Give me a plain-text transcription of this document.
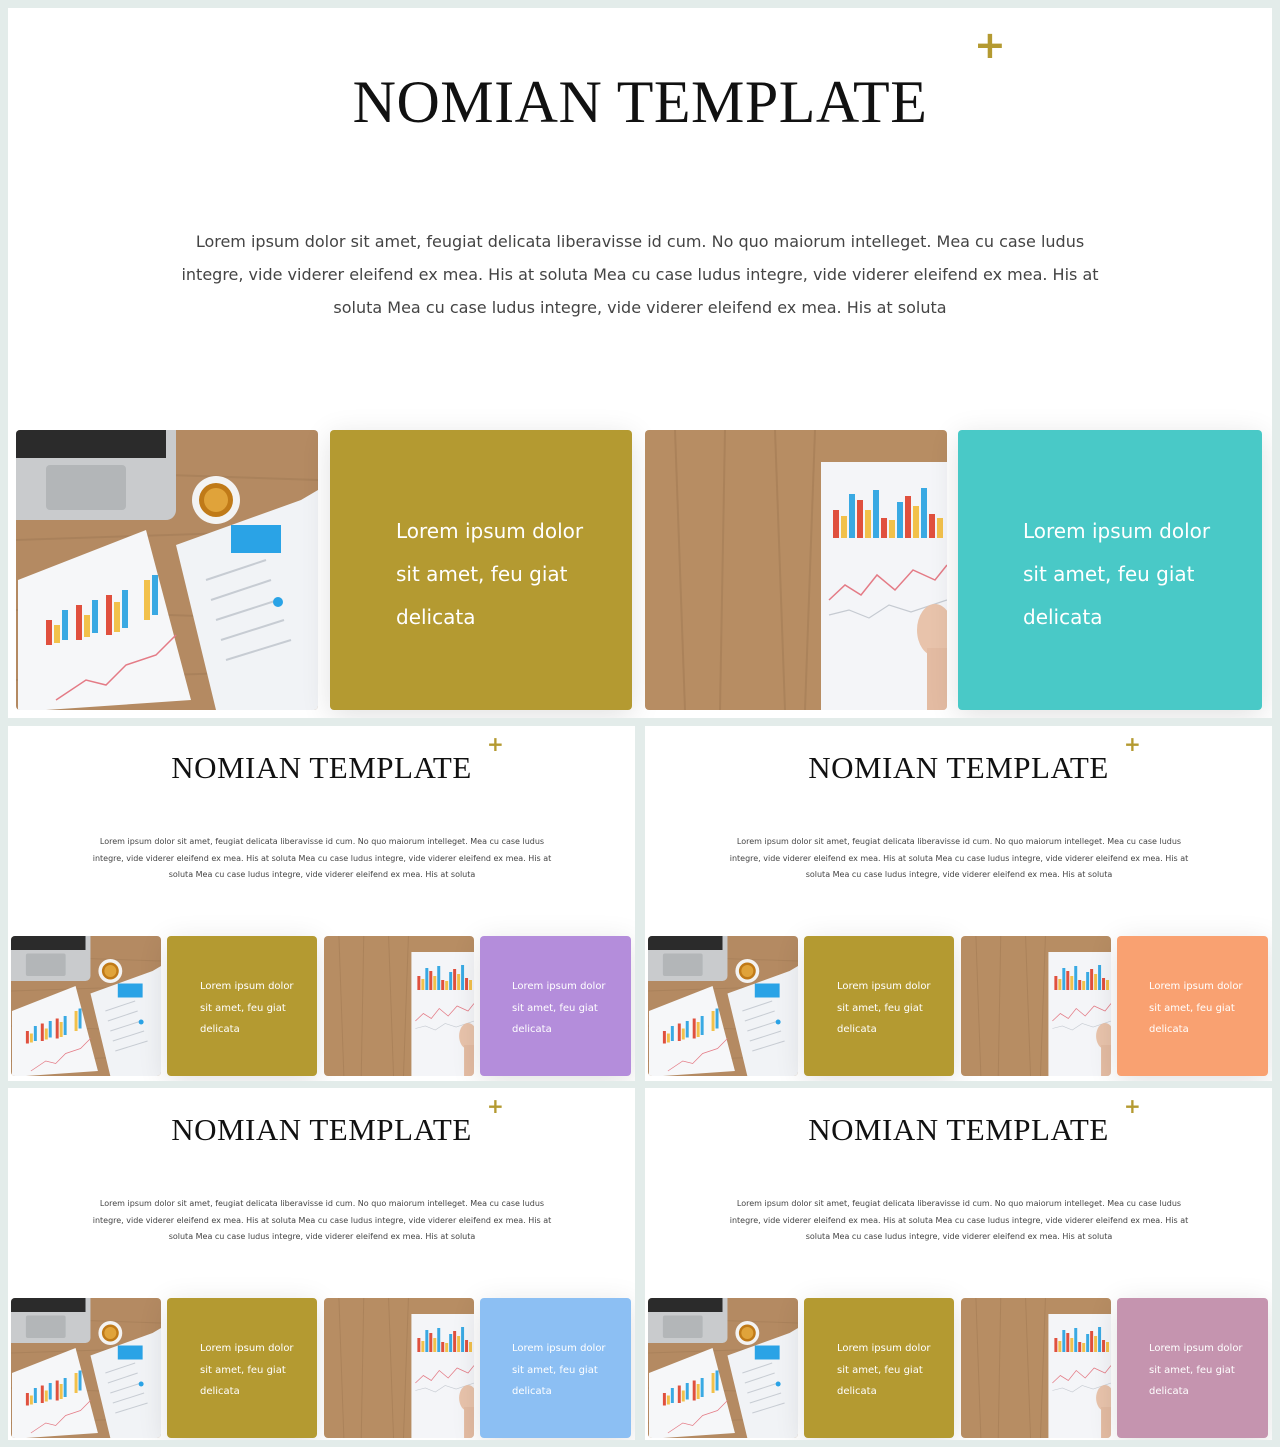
NOMIAN TEMPLATE
+

Lorem ipsum dolor sit amet, feugiat delicata liberavisse id cum. No quo maiorum intelleget. Mea cu case ludus integre, vide viderer eleifend ex mea. His at soluta Mea cu case ludus integre, vide viderer eleifend ex mea. His at soluta Mea cu case ludus integre, vide viderer eleifend ex mea. His at soluta

Lorem ipsum dolor sit amet, feu giat delicata

Lorem ipsum dolor sit amet, feu giat delicata

NOMIAN TEMPLATE
+

Lorem ipsum dolor sit amet, feugiat delicata liberavisse id cum. No quo maiorum intelleget. Mea cu case ludus integre, vide viderer eleifend ex mea. His at soluta Mea cu case ludus integre, vide viderer eleifend ex mea. His at soluta Mea cu case ludus integre, vide viderer eleifend ex mea. His at soluta

Lorem ipsum dolor sit amet, feu giat delicata

Lorem ipsum dolor sit amet, feu giat delicata

NOMIAN TEMPLATE
+

Lorem ipsum dolor sit amet, feugiat delicata liberavisse id cum. No quo maiorum intelleget. Mea cu case ludus integre, vide viderer eleifend ex mea. His at soluta Mea cu case ludus integre, vide viderer eleifend ex mea. His at soluta Mea cu case ludus integre, vide viderer eleifend ex mea. His at soluta

Lorem ipsum dolor sit amet, feu giat delicata

Lorem ipsum dolor sit amet, feu giat delicata

NOMIAN TEMPLATE
+

Lorem ipsum dolor sit amet, feugiat delicata liberavisse id cum. No quo maiorum intelleget. Mea cu case ludus integre, vide viderer eleifend ex mea. His at soluta Mea cu case ludus integre, vide viderer eleifend ex mea. His at soluta Mea cu case ludus integre, vide viderer eleifend ex mea. His at soluta

Lorem ipsum dolor sit amet, feu giat delicata

Lorem ipsum dolor sit amet, feu giat delicata

NOMIAN TEMPLATE
+

Lorem ipsum dolor sit amet, feugiat delicata liberavisse id cum. No quo maiorum intelleget. Mea cu case ludus integre, vide viderer eleifend ex mea. His at soluta Mea cu case ludus integre, vide viderer eleifend ex mea. His at soluta Mea cu case ludus integre, vide viderer eleifend ex mea. His at soluta

Lorem ipsum dolor sit amet, feu giat delicata

Lorem ipsum dolor sit amet, feu giat delicata
